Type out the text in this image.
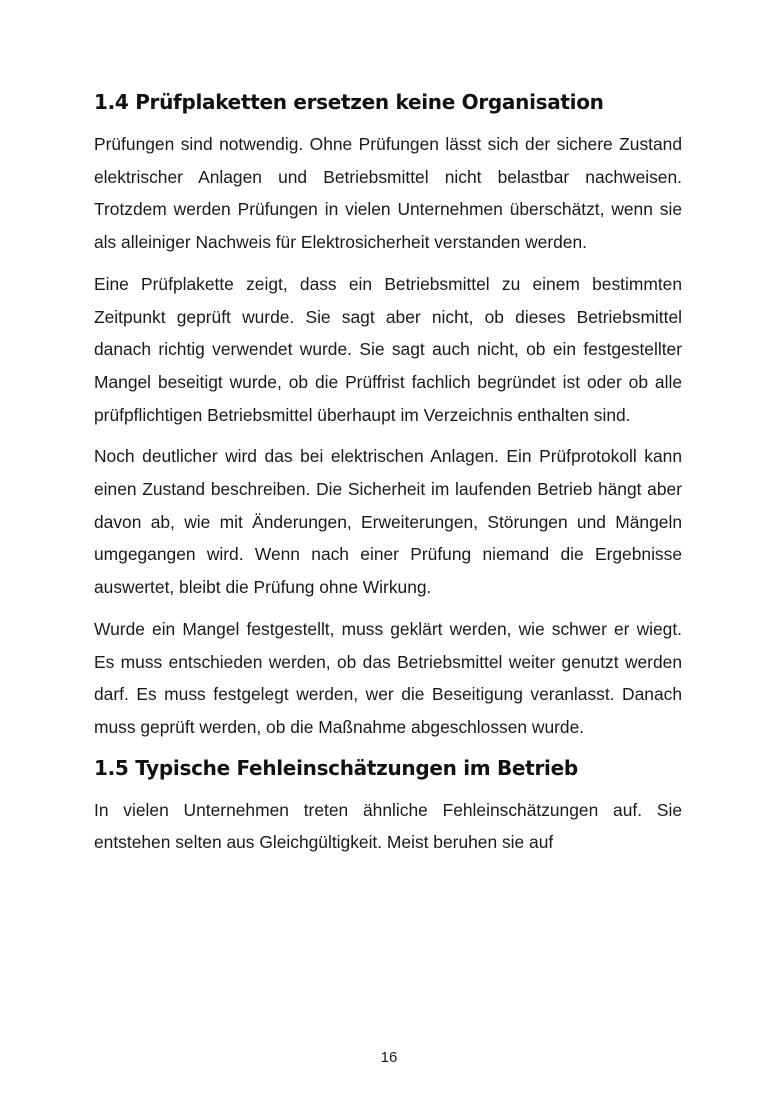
1.4 Prüfplaketten ersetzen keine Organisation

Prüfungen sind notwendig. Ohne Prüfungen lässt sich der sichere Zustand elektrischer Anlagen und Betriebsmittel nicht belastbar nachweisen. Trotzdem werden Prüfungen in vielen Unternehmen überschätzt, wenn sie als alleiniger Nachweis für Elektrosicherheit verstanden werden.

Eine Prüfplakette zeigt, dass ein Betriebsmittel zu einem bestimmten Zeitpunkt geprüft wurde. Sie sagt aber nicht, ob dieses Betriebsmittel danach richtig verwendet wurde. Sie sagt auch nicht, ob ein festgestellter Mangel beseitigt wurde, ob die Prüffrist fachlich begründet ist oder ob alle prüfpflichtigen Betriebsmittel überhaupt im Verzeichnis enthalten sind.

Noch deutlicher wird das bei elektrischen Anlagen. Ein Prüfprotokoll kann einen Zustand beschreiben. Die Sicherheit im laufenden Betrieb hängt aber davon ab, wie mit Änderungen, Erweiterungen, Störungen und Mängeln umgegangen wird. Wenn nach einer Prüfung niemand die Ergebnisse auswertet, bleibt die Prüfung ohne Wirkung.

Wurde ein Mangel festgestellt, muss geklärt werden, wie schwer er wiegt. Es muss entschieden werden, ob das Betriebsmittel weiter genutzt werden darf. Es muss festgelegt werden, wer die Beseitigung veranlasst. Danach muss geprüft werden, ob die Maßnahme abgeschlossen wurde.

1.5 Typische Fehleinschätzungen im Betrieb

In vielen Unternehmen treten ähnliche Fehleinschätzungen auf. Sie entstehen selten aus Gleichgültigkeit. Meist beruhen sie auf

16
